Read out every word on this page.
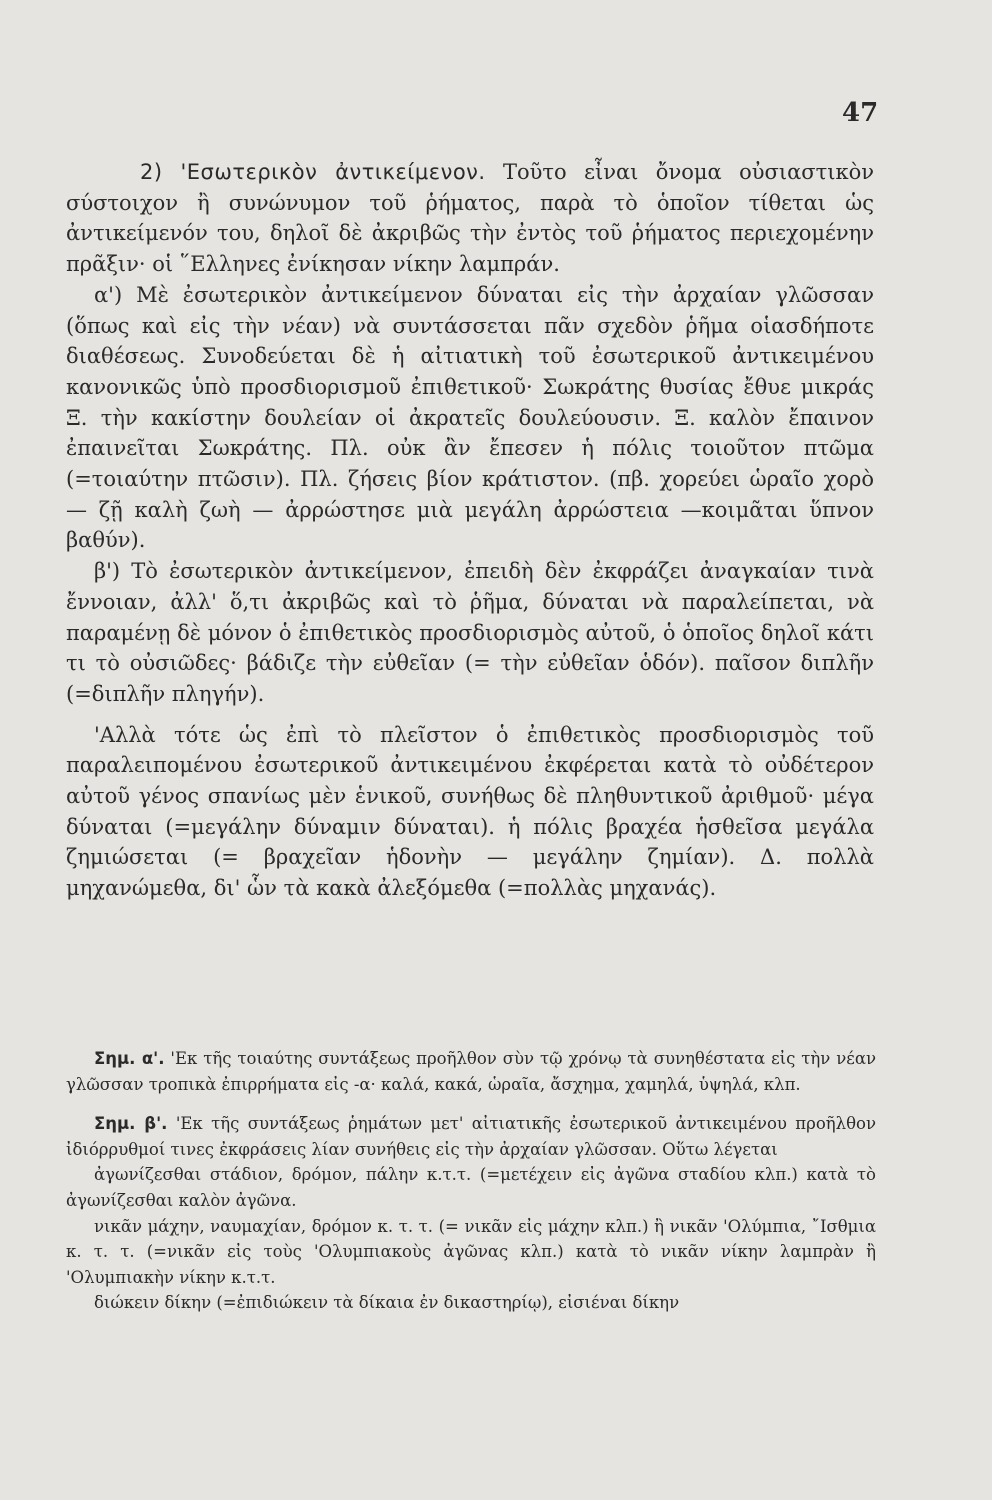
47

2) 'Εσωτερικὸν ἀντικείμενον. Τοῦτο εἶναι ὄνομα οὐσιαστικὸν σύστοιχον ἢ συνώνυμον τοῦ ῥήματος, παρὰ τὸ ὁποῖον τίθεται ὡς ἀντικείμενόν του, δηλοῖ δὲ ἀκριβῶς τὴν ἐντὸς τοῦ ῥήματος περιεχομένην πρᾶξιν· οἱ ῞Ελληνες ἐνίκησαν νίκην λαμπράν.

α') Μὲ ἐσωτερικὸν ἀντικείμενον δύναται εἰς τὴν ἀρχαίαν γλῶσσαν (ὅπως καὶ εἰς τὴν νέαν) νὰ συντάσσεται πᾶν σχεδὸν ῥῆμα οἱασδήποτε διαθέσεως. Συνοδεύεται δὲ ἡ αἰτιατικὴ τοῦ ἐσωτερικοῦ ἀντικειμένου κανονικῶς ὑπὸ προσδιορισμοῦ ἐπιθετικοῦ· Σωκράτης θυσίας ἔθυε μικράς Ξ. τὴν κακίστην δουλείαν οἱ ἀκρατεῖς δουλεύουσιν. Ξ. καλὸν ἔπαινον ἐπαινεῖται Σωκράτης. Πλ. οὐκ ἂν ἔπεσεν ἡ πόλις τοιοῦτον πτῶμα (=τοιαύτην πτῶσιν). Πλ. ζήσεις βίον κράτιστον. (πβ. χορεύει ὡραῖο χορὸ — ζῇ καλὴ ζωὴ — ἀρρώστησε μιὰ μεγάλη ἀρρώστεια —κοιμᾶται ὕπνον βαθύν).

β') Τὸ ἐσωτερικὸν ἀντικείμενον, ἐπειδὴ δὲν ἐκφράζει ἀναγκαίαν τινὰ ἔννοιαν, ἀλλ' ὅ,τι ἀκριβῶς καὶ τὸ ῥῆμα, δύναται νὰ παραλείπεται, νὰ παραμένῃ δὲ μόνον ὁ ἐπιθετικὸς προσδιορισμὸς αὐτοῦ, ὁ ὁποῖος δηλοῖ κάτι τι τὸ οὐσιῶδες· βάδιζε τὴν εὐθεῖαν (= τὴν εὐθεῖαν ὁδόν). παῖσον διπλῆν (=διπλῆν πληγήν).

'Αλλὰ τότε ὡς ἐπὶ τὸ πλεῖστον ὁ ἐπιθετικὸς προσδιορισμὸς τοῦ παραλειπομένου ἐσωτερικοῦ ἀντικειμένου ἐκφέρεται κατὰ τὸ οὐδέτερον αὐτοῦ γένος σπανίως μὲν ἑνικοῦ, συνήθως δὲ πληθυντικοῦ ἀριθμοῦ· μέγα δύναται (=μεγάλην δύναμιν δύναται). ἡ πόλις βραχέα ἡσθεῖσα μεγάλα ζημιώσεται (= βραχεῖαν ἡδονὴν — μεγάλην ζημίαν). Δ. πολλὰ μηχανώμεθα, δι' ὧν τὰ κακὰ ἀλεξόμεθα (=πολλὰς μηχανάς).

Σημ. α'. 'Εκ τῆς τοιαύτης συντάξεως προῆλθον σὺν τῷ χρόνῳ τὰ συνηθέστατα εἰς τὴν νέαν γλῶσσαν τροπικὰ ἐπιρρήματα εἰς -α· καλά, κακά, ὡραῖα, ἄσχημα, χαμηλά, ὑψηλά, κλπ.

Σημ. β'. 'Εκ τῆς συντάξεως ῥημάτων μετ' αἰτιατικῆς ἐσωτερικοῦ ἀντικειμένου προῆλθον ἰδιόρρυθμοί τινες ἐκφράσεις λίαν συνήθεις εἰς τὴν ἀρχαίαν γλῶσσαν. Οὕτω λέγεται

ἀγωνίζεσθαι στάδιον, δρόμον, πάλην κ.τ.τ. (=μετέχειν εἰς ἀγῶνα σταδίου κλπ.) κατὰ τὸ ἀγωνίζεσθαι καλὸν ἀγῶνα.

νικᾶν μάχην, ναυμαχίαν, δρόμον κ. τ. τ. (= νικᾶν εἰς μάχην κλπ.) ἢ νικᾶν 'Ολύμπια, ῎Ισθμια κ. τ. τ. (=νικᾶν εἰς τοὺς 'Ολυμπιακοὺς ἀγῶνας κλπ.) κατὰ τὸ νικᾶν νίκην λαμπρὰν ἢ 'Ολυμπιακὴν νίκην κ.τ.τ.

διώκειν δίκην (=ἐπιδιώκειν τὰ δίκαια ἐν δικαστηρίῳ), εἰσιέναι δίκην
